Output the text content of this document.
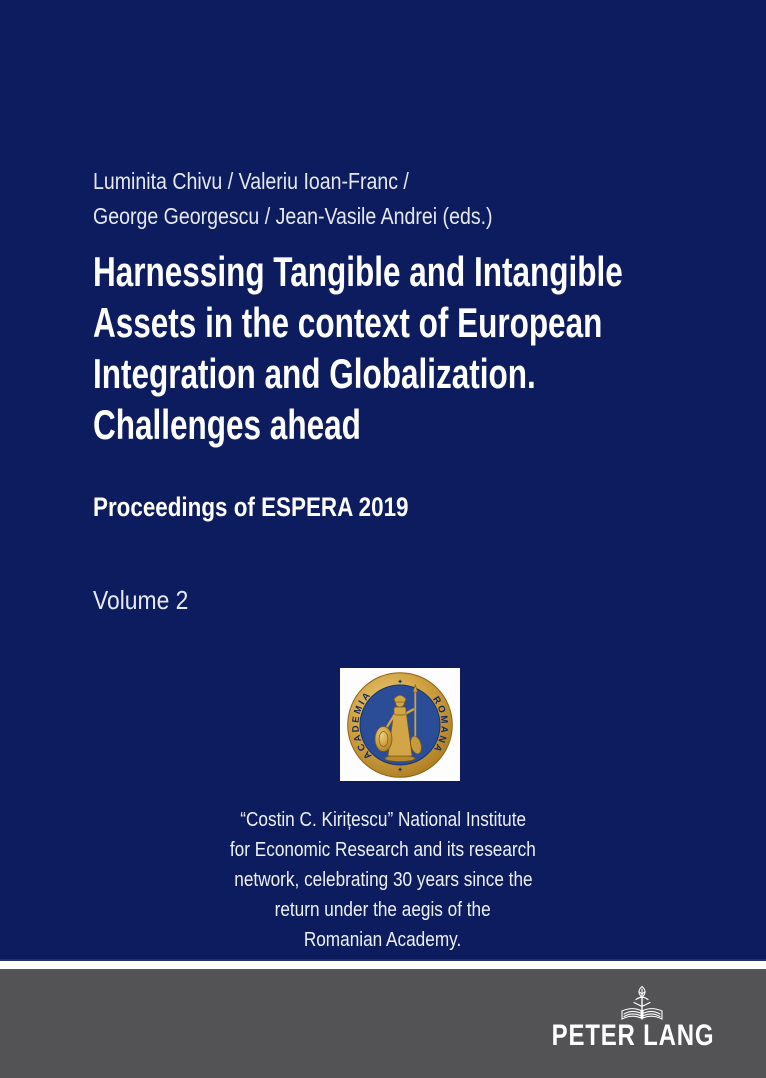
Luminita Chivu / Valeriu Ioan-Franc /
George Georgescu / Jean-Vasile Andrei (eds.)
Harnessing Tangible and Intangible
Assets in the context of European
Integration and Globalization.
Challenges ahead
Proceedings of ESPERA 2019
Volume 2
ACADEMIA	ROMANA
✦
✦
“Costin C. Kirițescu” National Institute
for Economic Research and its research
network, celebrating 30 years since the
return under the aegis of the
Romanian Academy.
PETER LANG
